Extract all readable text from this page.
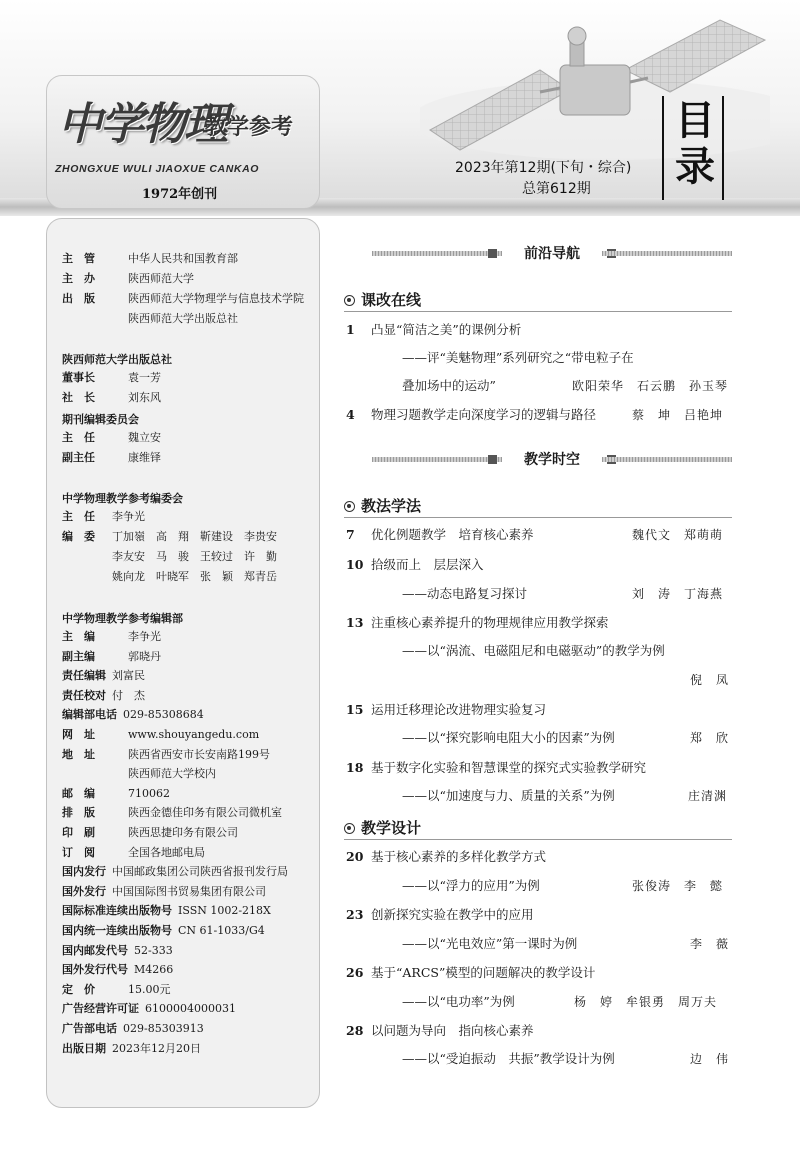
中学物理
教学参考
ZHONGXUE WULI JIAOXUE CANKAO
1972年创刊
2023年第12期(下旬・综合)
总第612期
目录
主　管	中华人民共和国教育部
主　办	陕西师范大学
出　版	陕西师范大学物理学与信息技术学院
陕西师范大学出版总社
陕西师范大学出版总社
董事长	袁一芳
社　长	刘东风
期刊编辑委员会
主　任	魏立安
副主任	康维铎
中学物理教学参考编委会
主　任 李争光
编　委 丁加嶺　高　翔　靳建设　李贵安
李友安　马　骏　王较过　许　勤
姚向龙　叶晓军　张　颖　郑青岳
中学物理教学参考编辑部
主　编	李争光
副主编	郭晓丹
责任编辑 刘富民
责任校对 付　杰
编辑部电话 029-85308684
网　址	www.shouyangedu.com
地　址	陕西省西安市长安南路199号
陕西师范大学校内
邮　编	710062
排　版	陕西金德佳印务有限公司微机室
印　刷	陕西思捷印务有限公司
订　阅	全国各地邮电局
国内发行 中国邮政集团公司陕西省报刊发行局
国外发行 中国国际图书贸易集团有限公司
国际标准连续出版物号 ISSN 1002-218X
国内统一连续出版物号 CN 61-1033/G4
国内邮发代号 52-333
国外发行代号 M4266
定　价	15.00元
广告经营许可证 6100004000031
广告部电话 029-85303913
出版日期 2023年12月20日
前沿导航
课改在线
1 凸显“简洁之美”的课例分析
——评“美魅物理”系列研究之“带电粒子在
叠加场中的运动”	欧阳荣华　石云鹏　孙玉琴
4 物理习题教学走向深度学习的逻辑与路径	蔡　坤　吕艳坤
教学时空
教法学法
7 优化例题教学　培育核心素养	魏代文　郑萌萌
10 拾级而上　层层深入
——动态电路复习探讨	刘　涛　丁海燕
13 注重核心素养提升的物理规律应用教学探索
——以“涡流、电磁阻尼和电磁驱动”的教学为例
倪　凤
15 运用迁移理论改进物理实验复习
——以“探究影响电阻大小的因素”为例	郑　欣
18 基于数字化实验和智慧课堂的探究式实验教学研究
——以“加速度与力、质量的关系”为例	庄清渊
教学设计
20 基于核心素养的多样化教学方式
——以“浮力的应用”为例	张俊涛　李　懿
23 创新探究实验在教学中的应用
——以“光电效应”第一课时为例	李　薇
26 基于“ARCS”模型的问题解决的教学设计
——以“电功率”为例	杨　婷　牟银勇　周万夫
28 以问题为导向　指向核心素养
——以“受迫振动　共振”教学设计为例	边　伟
